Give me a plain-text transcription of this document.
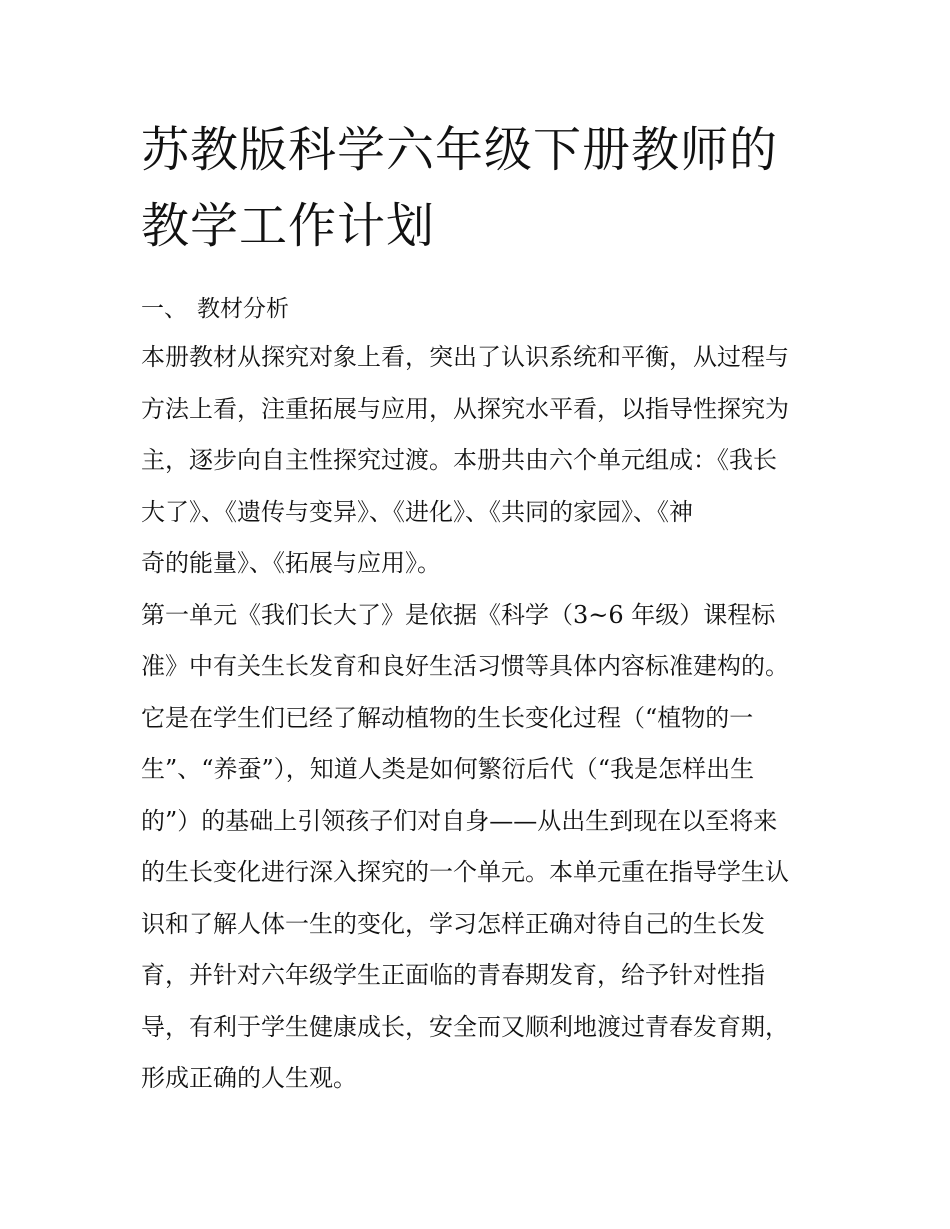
苏教版科学六年级下册教师的
教学工作计划
一、 教材分析
本册教材从探究对象上看，突出了认识系统和平衡，从过程与
方法上看，注重拓展与应用，从探究水平看，以指导性探究为
主，逐步向自主性探究过渡。本册共由六个单元组成：《我长
大了》、《遗传与变异》、《进化》、《共同的家园》、《神
奇的能量》、《拓展与应用》。
第一单元《我们长大了》是依据《科学（3~6 年级）课程标
准》中有关生长发育和良好生活习惯等具体内容标准建构的。
它是在学生们已经了解动植物的生长变化过程（“植物的一
生”、“养蚕”），知道人类是如何繁衍后代（“我是怎样出生
的”）的基础上引领孩子们对自身——从出生到现在以至将来
的生长变化进行深入探究的一个单元。本单元重在指导学生认
识和了解人体一生的变化，学习怎样正确对待自己的生长发
育，并针对六年级学生正面临的青春期发育，给予针对性指
导，有利于学生健康成长，安全而又顺利地渡过青春发育期，
形成正确的人生观。
